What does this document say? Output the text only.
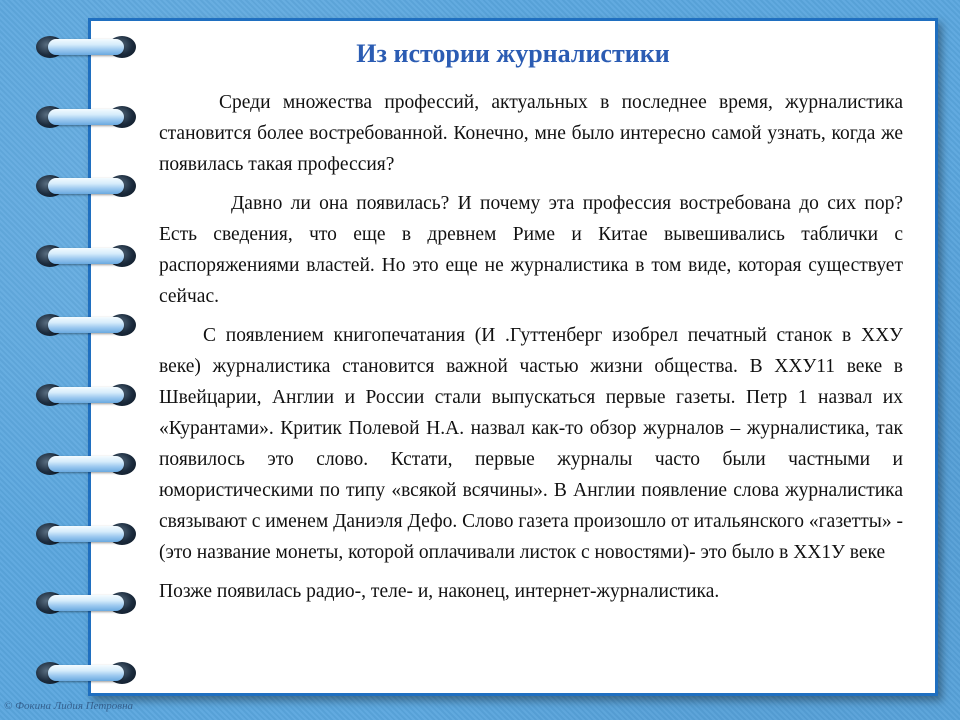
Из истории журналистики

Среди множества профессий, актуальных в последнее время, журналистика становится более востребованной. Конечно, мне было интересно самой узнать, когда же появилась такая профессия?

Давно ли она появилась? И почему эта профессия востребована до сих пор? Есть сведения, что еще в древнем Риме и Китае вывешивались таблички с распоряжениями властей. Но это еще не журналистика в том виде, которая существует сейчас.

С появлением книгопечатания (И .Гуттенберг изобрел печатный станок в ХХУ веке) журналистика становится важной частью жизни общества. В ХХУ11 веке в Швейцарии, Англии и России стали выпускаться первые газеты. Петр 1 назвал их «Курантами». Критик Полевой Н.А. назвал как-то обзор журналов – журналистика, так появилось это слово. Кстати, первые журналы часто были частными и юмористическими по типу «всякой всячины». В Англии появление слова журналистика связывают с именем Даниэля Дефо. Слово газета произошло от итальянского «газетты» - (это название монеты, которой оплачивали листок с новостями)- это было в ХХ1У веке

Позже появилась радио-, теле- и, наконец, интернет-журналистика.

© Фокина Лидия Петровна
